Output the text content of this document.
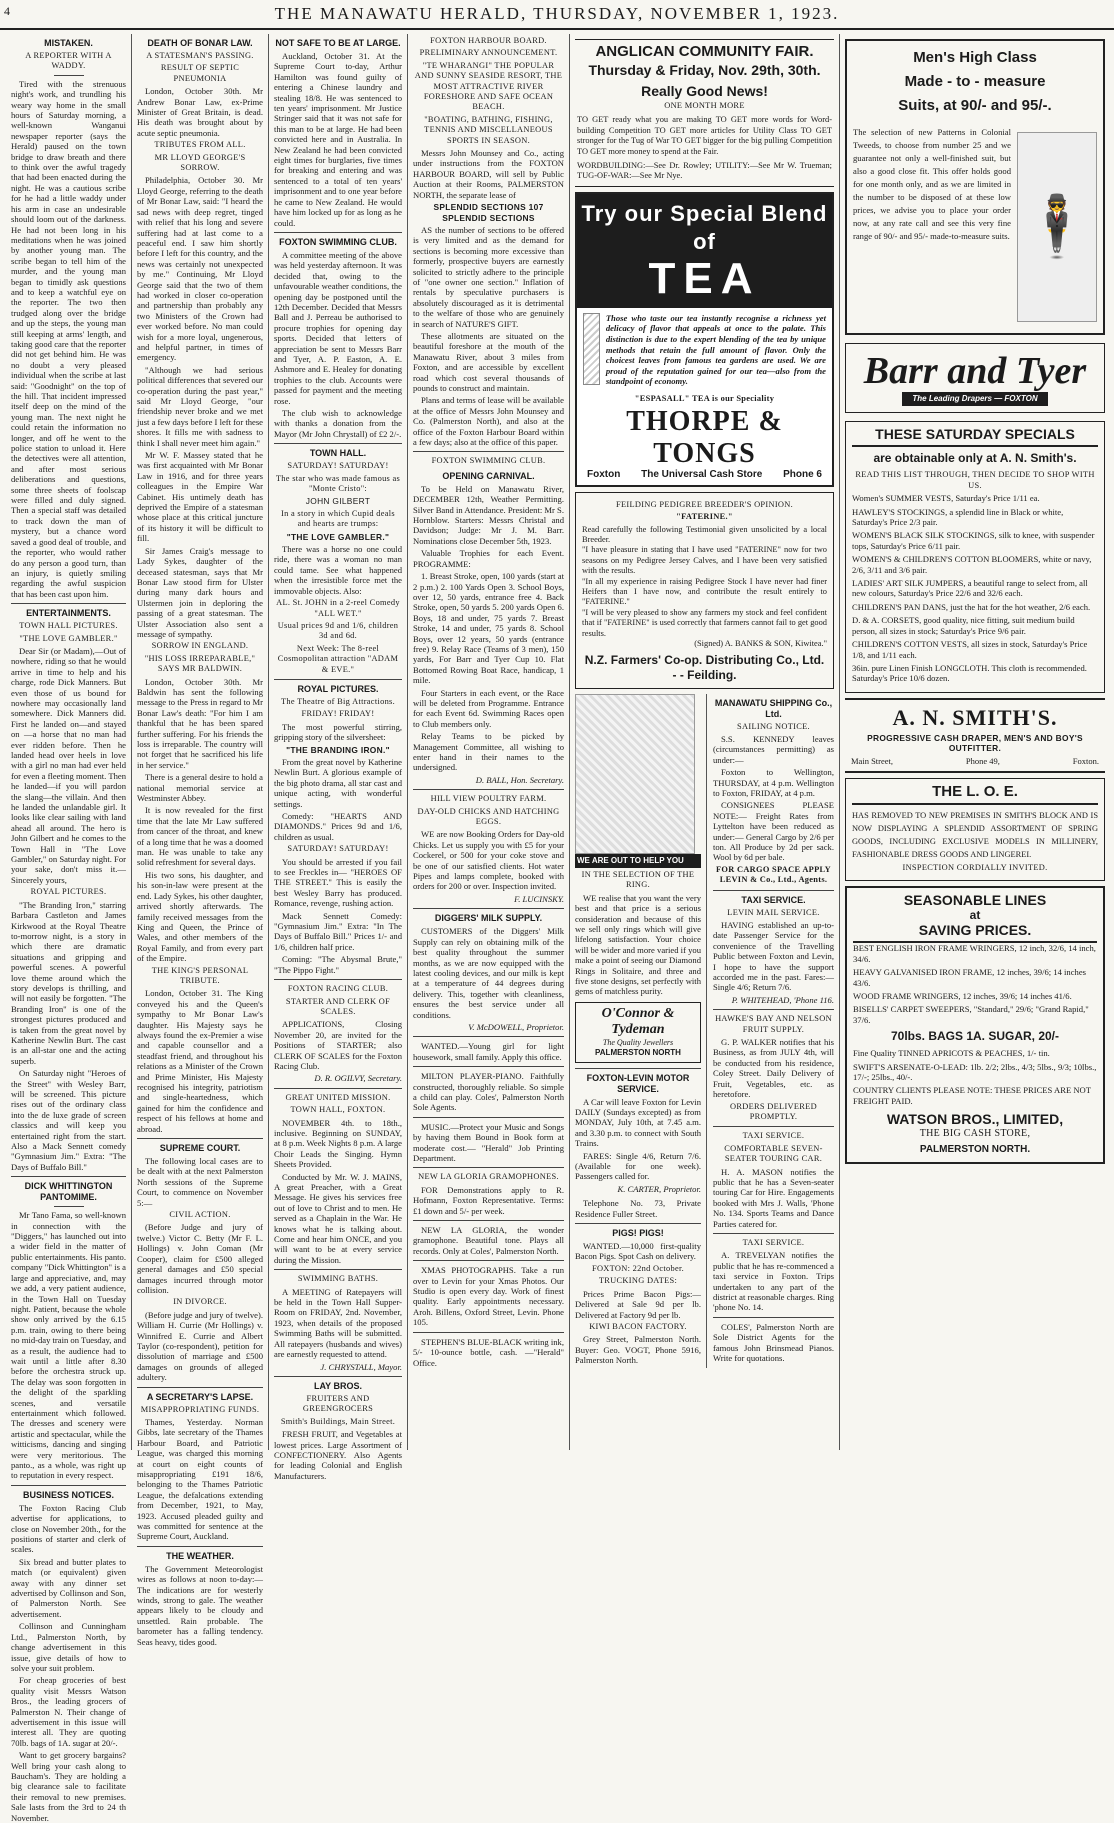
4	THE MANAWATU HERALD, THURSDAY, NOVEMBER 1, 1923.
MISTAKEN.
A REPORTER WITH A WADDY.

Tired with the strenuous night's work, and trundling his weary way home in the small hours of Saturday morning, a well-known Wanganui newspaper reporter (says the Herald) paused on the town bridge to draw breath and there to think over the awful tragedy that had been enacted during the night. He was a cautious scribe for he had a little waddy under his arm in case an undesirable should loom out of the darkness. He had not been long in his meditations when he was joined by another young man. The scribe began to tell him of the murder, and the young man began to timidly ask questions and to keep a watchful eye on the reporter. The two then trudged along over the bridge and up the steps, the young man still keeping at arms' length, and taking good care that the reporter did not get behind him. He was no doubt a very pleased individual when the scribe at last said: "Goodnight" on the top of the hill. That incident impressed itself deep on the mind of the young man. The next night he could retain the information no longer, and off he went to the police station to unload it. Here the detectives were all attention, and after most serious deliberations and questions, some three sheets of foolscap were filled and duly signed. Then a special staff was detailed to track down the man of mystery, but a chance word saved a good deal of trouble, and the reporter, who would rather do any person a good turn, than an injury, is quietly smiling regarding the awful suspicion that has been cast upon him.

ENTERTAINMENTS.
TOWN HALL PICTURES.
"THE LOVE GAMBLER."

Dear Sir (or Madam),—Out of nowhere, riding so that he would arrive in time to help and his charge, rode Dick Manners. But even those of us bound for nowhere may occasionally land somewhere. Dick Manners did. First he landed on—and stayed on —a horse that no man had ever ridden before. Then he landed head over heels in love with a girl no man had ever held for even a fleeting moment. Then he landed—if you will pardon the slang—the villain. And then he landed the unlandable girl. It looks like clear sailing with land ahead all around. The hero is John Gilbert and he comes to the Town Hall in "The Love Gambler," on Saturday night. For your sake, don't miss it.—Sincerely yours,

ROYAL PICTURES.

"The Branding Iron," starring Barbara Castleton and James Kirkwood at the Royal Theatre to-morrow night, is a story in which there are dramatic situations and gripping and powerful scenes. A powerful love theme around which the story develops is thrilling, and will not easily be forgotten. "The Branding Iron" is one of the strongest pictures produced and is taken from the great novel by Katherine Newlin Burt. The cast is an all-star one and the acting superb.

On Saturday night "Heroes of the Street" with Wesley Barr, will be screened. This picture rises out of the ordinary class into the de luxe grade of screen classics and will keep you entertained right from the start. Also a Mack Sennett comedy "Gymnasium Jim." Extra: "The Days of Buffalo Bill."

DICK WHITTINGTON PANTOMIME.

Mr Tano Fama, so well-known in connection with the "Diggers," has launched out into a wider field in the matter of public entertainments. His panto. company "Dick Whittington" is a large and appreciative, and, may we add, a very patient audience, in the Town Hall on Tuesday night. Patient, because the whole show only arrived by the 6.15 p.m. train, owing to there being no mid-day train on Tuesday, and as a result, the audience had to wait until a little after 8.30 before the orchestra struck up. The delay was soon forgotten in the delight of the sparkling scenes, and versatile entertainment which followed. The dresses and scenery were artistic and spectacular, while the witticisms, dancing and singing were very meritorious. The panto., as a whole, was right up to reputation in every respect.

BUSINESS NOTICES.

The Foxton Racing Club advertise for applications, to close on November 20th., for the positions of starter and clerk of scales.

Six bread and butter plates to match (or equivalent) given away with any dinner set advertised by Collinson and Son, of Palmerston North. See advertisement.

Collinson and Cunningham Ltd., Palmerston North, by change advertisement in this issue, give details of how to solve your suit problem.

For cheap groceries of best quality visit Messrs Watson Bros., the leading grocers of Palmerston N. Their change of advertisement in this issue will interest all. They are quoting 70lb. bags of 1A. sugar at 20/-.

Want to get grocery bargains? Well bring your cash along to Baucham's. They are holding a big clearance sale to facilitate their removal to new premises. Sale lasts from the 3rd to 24 th November.

DEATH OF BONAR LAW.
A STATESMAN'S PASSING.
RESULT OF SEPTIC PNEUMONIA

London, October 30th. Mr Andrew Bonar Law, ex-Prime Minister of Great Britain, is dead. His death was brought about by acute septic pneumonia.

TRIBUTES FROM ALL.
MR LLOYD GEORGE'S SORROW.

Philadelphia, October 30. Mr Lloyd George, referring to the death of Mr Bonar Law, said: "I heard the sad news with deep regret, tinged with relief that his long and severe suffering had at last come to a peaceful end. I saw him shortly before I left for this country, and the news was certainly not unexpected by me." Continuing, Mr Lloyd George said that the two of them had worked in closer co-operation and partnership than probably any two Ministers of the Crown had ever worked before. No man could wish for a more loyal, ungenerous, and helpful partner, in times of emergency.

"Although we had serious political differences that severed our co-operation during the past year," said Mr Lloyd George, "our friendship never broke and we met just a few days before I left for these shores. It fills me with sadness to think I shall never meet him again."

Mr W. F. Massey stated that he was first acquainted with Mr Bonar Law in 1916, and for three years colleagues in the Empire War Cabinet. His untimely death has deprived the Empire of a statesman whose place at this critical juncture of its history it will be difficult to fill.

Sir James Craig's message to Lady Sykes, daughter of the deceased statesman, says that Mr Bonar Law stood firm for Ulster during many dark hours and Ulstermen join in deploring the passing of a great statesman. The Ulster Association also sent a message of sympathy.

SORROW IN ENGLAND.
"HIS LOSS IRREPARABLE," SAYS MR BALDWIN.

London, October 30th. Mr Baldwin has sent the following message to the Press in regard to Mr Bonar Law's death: "For him I am thankful that he has been spared further suffering. For his friends the loss is irreparable. The country will not forget that he sacrificed his life in her service."

There is a general desire to hold a national memorial service at Westminster Abbey.

It is now revealed for the first time that the late Mr Law suffered from cancer of the throat, and knew of a long time that he was a doomed man. He was unable to take any solid refreshment for several days.

His two sons, his daughter, and his son-in-law were present at the end. Lady Sykes, his other daughter, arrived shortly afterwards. The family received messages from the King and Queen, the Prince of Wales, and other members of the Royal Family, and from every part of the Empire.

THE KING'S PERSONAL TRIBUTE.

London, October 31. The King conveyed his and the Queen's sympathy to Mr Bonar Law's daughter. His Majesty says he always found the ex-Premier a wise and capable counsellor and a steadfast friend, and throughout his relations as a Minister of the Crown and Prime Minister, His Majesty recognised his integrity, patriotism and single-heartedness, which gained for him the confidence and respect of his fellows at home and abroad.

SUPREME COURT.

The following local cases are to be dealt with at the next Palmerston North sessions of the Supreme Court, to commence on November 5:—

CIVIL ACTION.

(Before Judge and jury of twelve.) Victor C. Betty (Mr F. L. Hollings) v. John Coman (Mr Cooper), claim for £500 alleged general damages and £50 special damages incurred through motor collision.

IN DIVORCE.

(Before judge and jury of twelve). William H. Currie (Mr Hollings) v. Winnifred E. Currie and Albert Taylor (co-respondent), petition for dissolution of marriage and £500 damages on grounds of alleged adultery.

A SECRETARY'S LAPSE.
MISAPPROPRIATING FUNDS.

Thames, Yesterday. Norman Gibbs, late secretary of the Thames Harbour Board, and Patriotic League, was charged this morning at court on eight counts of misappropriating £191 18/6, belonging to the Thames Patriotic League, the defalcations extending from December, 1921, to May, 1923. Accused pleaded guilty and was committed for sentence at the Supreme Court, Auckland.

THE WEATHER.

The Government Meteorologist wires as follows at noon to-day:— The indications are for westerly winds, strong to gale. The weather appears likely to be cloudy and unsettled. Rain probable. The barometer has a falling tendency. Seas heavy, tides good.

NOT SAFE TO BE AT LARGE.

Auckland, October 31. At the Supreme Court to-day, Arthur Hamilton was found guilty of entering a Chinese laundry and stealing 18/8. He was sentenced to ten years' imprisonment. Mr Justice Stringer said that it was not safe for this man to be at large. He had been convicted here and in Australia. In New Zealand he had been convicted eight times for burglaries, five times for breaking and entering and was sentenced to a total of ten years' imprisonment and to one year before he came to New Zealand. He would have him locked up for as long as he could.

FOXTON SWIMMING CLUB.

A committee meeting of the above was held yesterday afternoon. It was decided that, owing to the unfavourable weather conditions, the opening day be postponed until the 12th December. Decided that Messrs Ball and J. Perreau be authorised to procure trophies for opening day sports. Decided that letters of appreciation be sent to Messrs Barr and Tyer, A. P. Easton, A. E. Ashmore and E. Healey for donating trophies to the club. Accounts were passed for payment and the meeting rose.

The club wish to acknowledge with thanks a donation from the Mayor (Mr John Chrystall) of £2 2/-.

TOWN HALL.
SATURDAY! SATURDAY!
The star who was made famous as "Monte Cristo":
JOHN GILBERT
In a story in which Cupid deals and hearts are trumps:
"THE LOVE GAMBLER."

There was a horse no one could ride, there was a woman no man could tame. See what happened when the irresistible force met the immovable objects. Also:

AL. St. JOHN in a 2-reel Comedy "ALL WET."
Usual prices 9d and 1/6, children 3d and 6d.
Next Week: The 8-reel Cosmopolitan attraction "ADAM & EVE."
ROYAL PICTURES.
The Theatre of Big Attractions.
FRIDAY! FRIDAY!

The most powerful stirring, gripping story of the silversheet:

"THE BRANDING IRON."

From the great novel by Katherine Newlin Burt. A glorious example of the big photo drama, all star cast and unique acting, with wonderful settings.

Comedy: "HEARTS AND DIAMONDS." Prices 9d and 1/6, children as usual.

SATURDAY! SATURDAY!

You should be arrested if you fail to see Freckles in— "HEROES OF THE STREET." This is easily the best Wesley Barry has produced. Romance, revenge, rushing action.

Mack Sennett Comedy: "Gymnasium Jim." Extra: "In The Days of Buffalo Bill." Prices 1/- and 1/6, children half price.

Coming: "The Abysmal Brute," "The Pippo Fight."

FOXTON RACING CLUB.
STARTER AND CLERK OF SCALES.

APPLICATIONS, Closing November 20, are invited for the Positions of STARTER; also CLERK OF SCALES for the Foxton Racing Club.

D. R. OGILVY, Secretary.
GREAT UNITED MISSION.
TOWN HALL, FOXTON.

NOVEMBER 4th. to 18th., inclusive. Beginning on SUNDAY, at 8 p.m. Week Nights 8 p.m. A large Choir Leads the Singing. Hymn Sheets Provided.

Conducted by Mr. W. J. MAINS, A great Preacher, with a Great Message. He gives his services free out of love to Christ and to men. He served as a Chaplain in the War. He knows what he is talking about. Come and hear him ONCE, and you will want to be at every service during the Mission.

SWIMMING BATHS.

A MEETING of Ratepayers will be held in the Town Hall Supper-Room on FRIDAY, 2nd. November, 1923, when details of the proposed Swimming Baths will be submitted. All ratepayers (husbands and wives) are earnestly requested to attend.

J. CHRYSTALL, Mayor.
LAY BROS.
FRUITERS AND GREENGROCERS
Smith's Buildings, Main Street.

FRESH FRUIT, and Vegetables at lowest prices. Large Assortment of CONFECTIONERY. Also Agents for leading Colonial and English Manufacturers.

FOXTON HARBOUR BOARD.
PRELIMINARY ANNOUNCEMENT.
"TE WHARANGI" THE POPULAR AND SUNNY SEASIDE RESORT, THE MOST ATTRACTIVE RIVER FORESHORE AND SAFE OCEAN BEACH.
"BOATING, BATHING, FISHING, TENNIS AND MISCELLANEOUS SPORTS IN SEASON.

Messrs John Mounsey and Co., acting under instructions from the FOXTON HARBOUR BOARD, will sell by Public Auction at their Rooms, PALMERSTON NORTH, the separate lease of

SPLENDID SECTIONS 107 SPLENDID SECTIONS

AS the number of sections to be offered is very limited and as the demand for sections is becoming more excessive than formerly, prospective buyers are earnestly solicited to strictly adhere to the principle of "one owner one section." Inflation of rentals by speculative purchasers is absolutely discouraged as it is detrimental to the welfare of those who are genuinely in search of NATURE'S GIFT.

These allotments are situated on the beautiful foreshore at the mouth of the Manawatu River, about 3 miles from Foxton, and are accessible by excellent road which cost several thousands of pounds to construct and maintain.

Plans and terms of lease will be available at the office of Messrs John Mounsey and Co. (Palmerston North), and also at the office of the Foxton Harbour Board within a few days; also at the office of this paper.

FOXTON SWIMMING CLUB.
OPENING CARNIVAL.

To be Held on Manawatu River, DECEMBER 12th, Weather Permitting. Silver Band in Attendance. President: Mr S. Hornblow. Starters: Messrs Christal and Davidson; Judge: Mr J. M. Barr. Nominations close December 5th, 1923.

Valuable Trophies for each Event. PROGRAMME:

1. Breast Stroke, open, 100 yards (start at 2 p.m.) 2. 100 Yards Open 3. School Boys, over 12, 50 yards, entrance free 4. Back Stroke, open, 50 yards 5. 200 yards Open 6. Boys, 18 and under, 75 yards 7. Breast Stroke, 14 and under, 75 yards 8. School Boys, over 12 years, 50 yards (entrance free) 9. Relay Race (Teams of 3 men), 150 yards, For Barr and Tyer Cup 10. Flat Bottomed Rowing Boat Race, handicap, 1 mile.

Four Starters in each event, or the Race will be deleted from Programme. Entrance for each Event 6d. Swimming Races open to Club members only.

Relay Teams to be picked by Management Committee, all wishing to enter hand in their names to the undersigned.

D. BALL, Hon. Secretary.
HILL VIEW POULTRY FARM.
DAY-OLD CHICKS AND HATCHING EGGS.

WE are now Booking Orders for Day-old Chicks. Let us supply you with £5 for your Cockerel, or 500 for your coke stove and be one of our satisfied clients. Hot water Pipes and lamps complete, booked with orders for 200 or over. Inspection invited.

F. LUCINSKY.
DIGGERS' MILK SUPPLY.

CUSTOMERS of the Diggers' Milk Supply can rely on obtaining milk of the best quality throughout the summer months, as we are now equipped with the latest cooling devices, and our milk is kept at a temperature of 44 degrees during delivery. This, together with cleanliness, ensures the best service under all conditions.

V. McDOWELL, Proprietor.

WANTED.—Young girl for light housework, small family. Apply this office.

MILTON PLAYER-PIANO. Faithfully constructed, thoroughly reliable. So simple a child can play. Coles', Palmerston North Sole Agents.

MUSIC.—Protect your Music and Songs by having them Bound in Book form at moderate cost.— "Herald" Job Printing Department.

NEW LA GLORIA GRAMOPHONES.

FOR Demonstrations apply to R. Hofmann, Foxton Representative. Terms: £1 down and 5/- per week.

NEW LA GLORIA, the wonder gramophone. Beautiful tone. Plays all records. Only at Coles', Palmerston North.

XMAS PHOTOGRAPHS. Take a run over to Levin for your Xmas Photos. Our Studio is open every day. Work of finest quality. Early appointments necessary. Aroh. Billens, Oxford Street, Levin. Phone 105.

STEPHEN'S BLUE-BLACK writing ink, 5/- 10-ounce bottle, cash. —"Herald" Office.

ANGLICAN COMMUNITY FAIR.
Thursday & Friday, Nov. 29th, 30th.
Really Good News!
ONE MONTH MORE
TO GET ready what you are making TO GET more words for Word-building Competition TO GET more articles for Utility Class TO GET stronger for the Tug of War TO GET bigger for the big pulling Competition TO GET more money to spend at the Fair.
WORDBUILDING:—See Dr. Rowley; UTILITY:—See Mr W. Trueman; TUG-OF-WAR:—See Mr Nye.
Try our Special Blend of
TEA
Those who taste our tea instantly recognise a richness yet delicacy of flavor that appeals at once to the palate. This distinction is due to the expert blending of the tea by unique methods that retain the full amount of flavor. Only the choicest leaves from famous tea gardens are used. We are proud of the reputation gained for our tea—also from the standpoint of economy.
"ESPASALL" TEA is our Speciality
THORPE & TONGS
Foxton The Universal Cash Store Phone 6
FEILDING PEDIGREE BREEDER'S OPINION.
"FATERINE."
Read carefully the following Testimonial given unsolicited by a local Breeder.
"I have pleasure in stating that I have used "FATERINE" now for two seasons on my Pedigree Jersey Calves, and I have been very satisfied with the results.
"In all my experience in raising Pedigree Stock I have never had finer Heifers than I have now, and contribute the result entirely to "FATERINE."
"I will be very pleased to show any farmers my stock and feel confident that if "FATERINE" is used correctly that farmers cannot fail to get good results.
(Signed) A. BANKS & SON, Kiwitea."
N.Z. Farmers' Co-op. Distributing Co., Ltd. - - Feilding.
WE ARE OUT TO HELP YOU
IN THE SELECTION OF THE RING.

WE realise that you want the very best and that price is a serious consideration and because of this we sell only rings which will give lifelong satisfaction. Your choice will be wider and more varied if you make a point of seeing our Diamond Rings in Solitaire, and three and five stone designs, set perfectly with gems of matchless purity.

O'Connor & Tydeman
The Quality Jewellers
PALMERSTON NORTH
FOXTON-LEVIN MOTOR SERVICE.

A Car will leave Foxton for Levin DAILY (Sundays excepted) as from MONDAY, July 10th, at 7.45 a.m. and 3.30 p.m. to connect with South Trains.

FARES: Single 4/6, Return 7/6. (Available for one week). Passengers called for.

K. CARTER, Proprietor.

Telephone No. 73, Private Residence Fuller Street.

PIGS! PIGS!

WANTED.—10,000 first-quality Bacon Pigs. Spot Cash on delivery.

FOXTON: 22nd October.
TRUCKING DATES:

Prices Prime Bacon Pigs:— Delivered at Sale 9d per lb. Delivered at Factory 9d per lb.

KIWI BACON FACTORY.

Grey Street, Palmerston North. Buyer: Geo. VOGT, Phone 5916, Palmerston North.

MANAWATU SHIPPING Co., Ltd.
SAILING NOTICE.

S.S. KENNEDY leaves (circumstances permitting) as under:—

Foxton to Wellington, THURSDAY, at 4 p.m. Wellington to Foxton, FRIDAY, at 4 p.m.

CONSIGNEES PLEASE NOTE:— Freight Rates from Lyttelton have been reduced as under:— General Cargo by 2/6 per ton. All Produce by 2d per sack. Wool by 6d per bale.

FOR CARGO SPACE APPLY LEVIN & Co., Ltd., Agents.
TAXI SERVICE.
LEVIN MAIL SERVICE.

HAVING established an up-to-date Passenger Service for the convenience of the Travelling Public between Foxton and Levin, I hope to have the support accorded me in the past. Fares:—Single 4/6; Return 7/6.

P. WHITEHEAD, 'Phone 116.
HAWKE'S BAY AND NELSON FRUIT SUPPLY.

G. P. WALKER notifies that his Business, as from JULY 4th, will be conducted from his residence, Coley Street. Daily Delivery of Fruit, Vegetables, etc. as heretofore.

ORDERS DELIVERED PROMPTLY.
TAXI SERVICE.
COMFORTABLE SEVEN-SEATER TOURING CAR.

H. A. MASON notifies the public that he has a Seven-seater touring Car for Hire. Engagements booked with Mrs J. Walls, 'Phone No. 134. Sports Teams and Dance Parties catered for.

TAXI SERVICE.

A. TREVELYAN notifies the public that he has re-commenced a taxi service in Foxton. Trips undertaken to any part of the district at reasonable charges. Ring 'phone No. 14.

COLES', Palmerston North are Sole District Agents for the famous John Brinsmead Pianos. Write for quotations.

Men's High Class
Made - to - measure
Suits, at 90/- and 95/-.
The selection of new Patterns in Colonial Tweeds, to choose from number 25 and we guarantee not only a well-finished suit, but also a good close fit. This offer holds good for one month only, and as we are limited in the number to be disposed of at these low prices, we advise you to place your order now, at any rate call and see this very fine range of 90/- and 95/- made-to-measure suits. 🕴
Barr and Tyer
The Leading Drapers — FOXTON
THESE SATURDAY SPECIALS
are obtainable only at A. N. Smith's.
READ THIS LIST THROUGH, THEN DECIDE TO SHOP WITH US.

Women's SUMMER VESTS, Saturday's Price 1/11 ea.

HAWLEY'S STOCKINGS, a splendid line in Black or white, Saturday's Price 2/3 pair.

WOMEN'S BLACK SILK STOCKINGS, silk to knee, with suspender tops, Saturday's Price 6/11 pair.

WOMEN'S & CHILDREN'S COTTON BLOOMERS, white or navy, 2/6, 3/11 and 3/6 pair.

LADIES' ART SILK JUMPERS, a beautiful range to select from, all new colours, Saturday's Price 22/6 and 32/6 each.

CHILDREN'S PAN DANS, just the hat for the hot weather, 2/6 each.

D. & A. CORSETS, good quality, nice fitting, suit medium build person, all sizes in stock; Saturday's Price 9/6 pair.

CHILDREN'S COTTON VESTS, all sizes in stock, Saturday's Price 1/8, and 1/11 each.

36in. pure Linen Finish LONGCLOTH. This cloth is recommended. Saturday's Price 10/6 dozen.

A. N. SMITH'S.
PROGRESSIVE CASH DRAPER, MEN'S AND BOY'S OUTFITTER.
Main Street,	Phone 49,	Foxton.
THE L. O. E.
HAS REMOVED TO NEW PREMISES IN SMITH'S BLOCK AND IS NOW DISPLAYING A SPLENDID ASSORTMENT OF SPRING GOODS, INCLUDING EXCLUSIVE MODELS IN MILLINERY, FASHIONABLE DRESS GOODS AND LINGEREI.
INSPECTION CORDIALLY INVITED.
SEASONABLE LINES
at
SAVING PRICES.

BEST ENGLISH IRON FRAME WRINGERS, 12 inch, 32/6, 14 inch, 34/6.

HEAVY GALVANISED IRON FRAME, 12 inches, 39/6; 14 inches 43/6.

WOOD FRAME WRINGERS, 12 inches, 39/6; 14 inches 41/6.

BISELLS' CARPET SWEEPERS, "Standard," 29/6; "Grand Rapid," 37/6.

70lbs. BAGS 1A. SUGAR, 20/-

Fine Quality TINNED APRICOTS & PEACHES, 1/- tin.

SWIFT'S ARSENATE-O-LEAD: 1lb. 2/2; 2lbs., 4/3; 5lbs., 9/3; 10lbs., 17/-; 25lbs., 40/-.

COUNTRY CLIENTS PLEASE NOTE: THESE PRICES ARE NOT FREIGHT PAID.

WATSON BROS., LIMITED,
THE BIG CASH STORE,
PALMERSTON NORTH.
